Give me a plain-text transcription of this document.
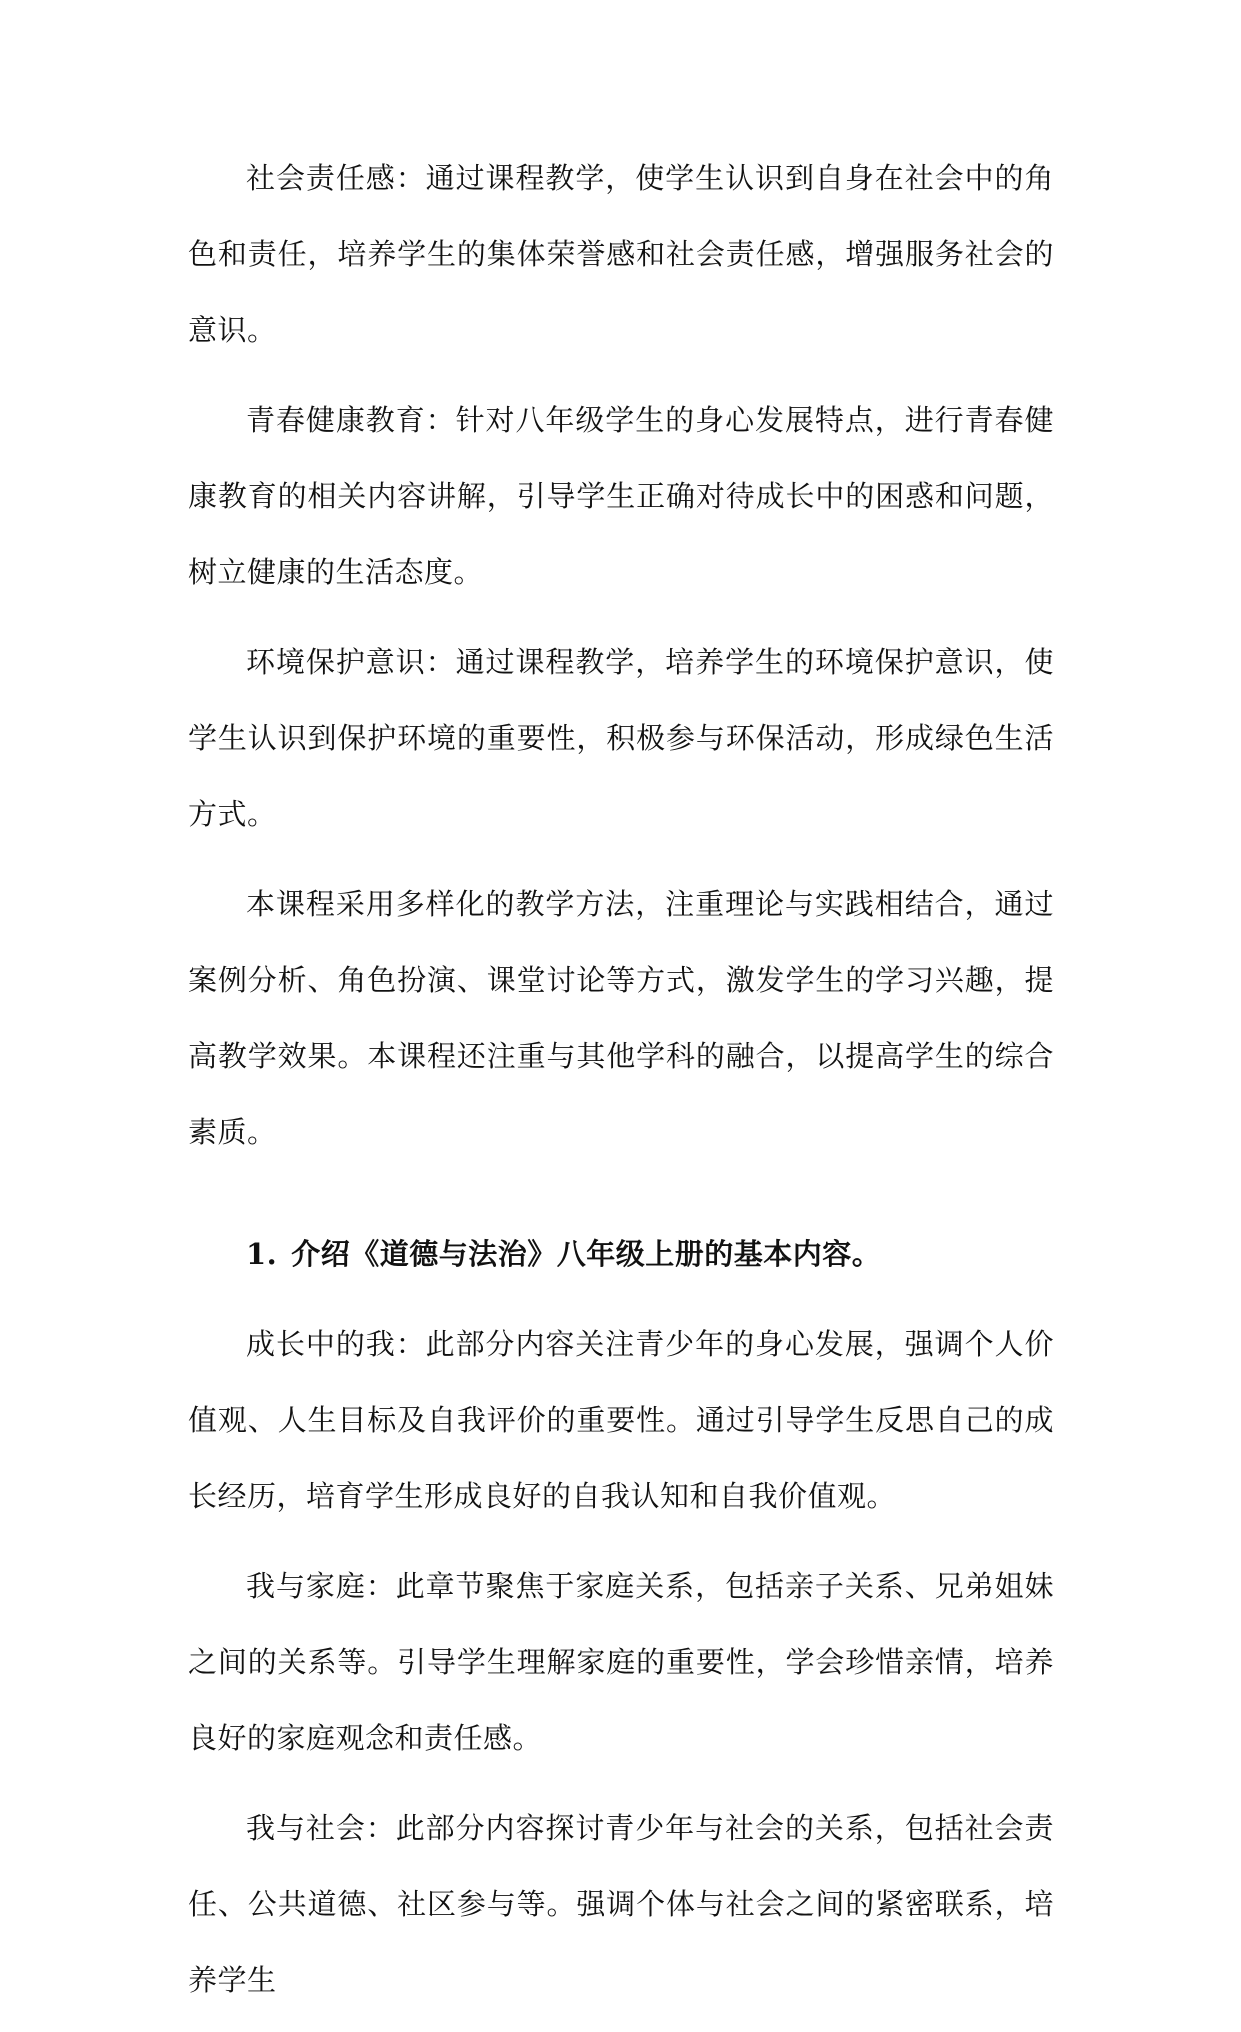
社会责任感：通过课程教学，使学生认识到自身在社会中的角色和责任，培养学生的集体荣誉感和社会责任感，增强服务社会的意识。

青春健康教育：针对八年级学生的身心发展特点，进行青春健康教育的相关内容讲解，引导学生正确对待成长中的困惑和问题，树立健康的生活态度。

环境保护意识：通过课程教学，培养学生的环境保护意识，使学生认识到保护环境的重要性，积极参与环保活动，形成绿色生活方式。

本课程采用多样化的教学方法，注重理论与实践相结合，通过案例分析、角色扮演、课堂讨论等方式，激发学生的学习兴趣，提高教学效果。本课程还注重与其他学科的融合，以提高学生的综合素质。

1. 介绍《道德与法治》八年级上册的基本内容。

成长中的我：此部分内容关注青少年的身心发展，强调个人价值观、人生目标及自我评价的重要性。通过引导学生反思自己的成长经历，培育学生形成良好的自我认知和自我价值观。

我与家庭：此章节聚焦于家庭关系，包括亲子关系、兄弟姐妹之间的关系等。引导学生理解家庭的重要性，学会珍惜亲情，培养良好的家庭观念和责任感。

我与社会：此部分内容探讨青少年与社会的关系，包括社会责任、公共道德、社区参与等。强调个体与社会之间的紧密联系，培养学生
